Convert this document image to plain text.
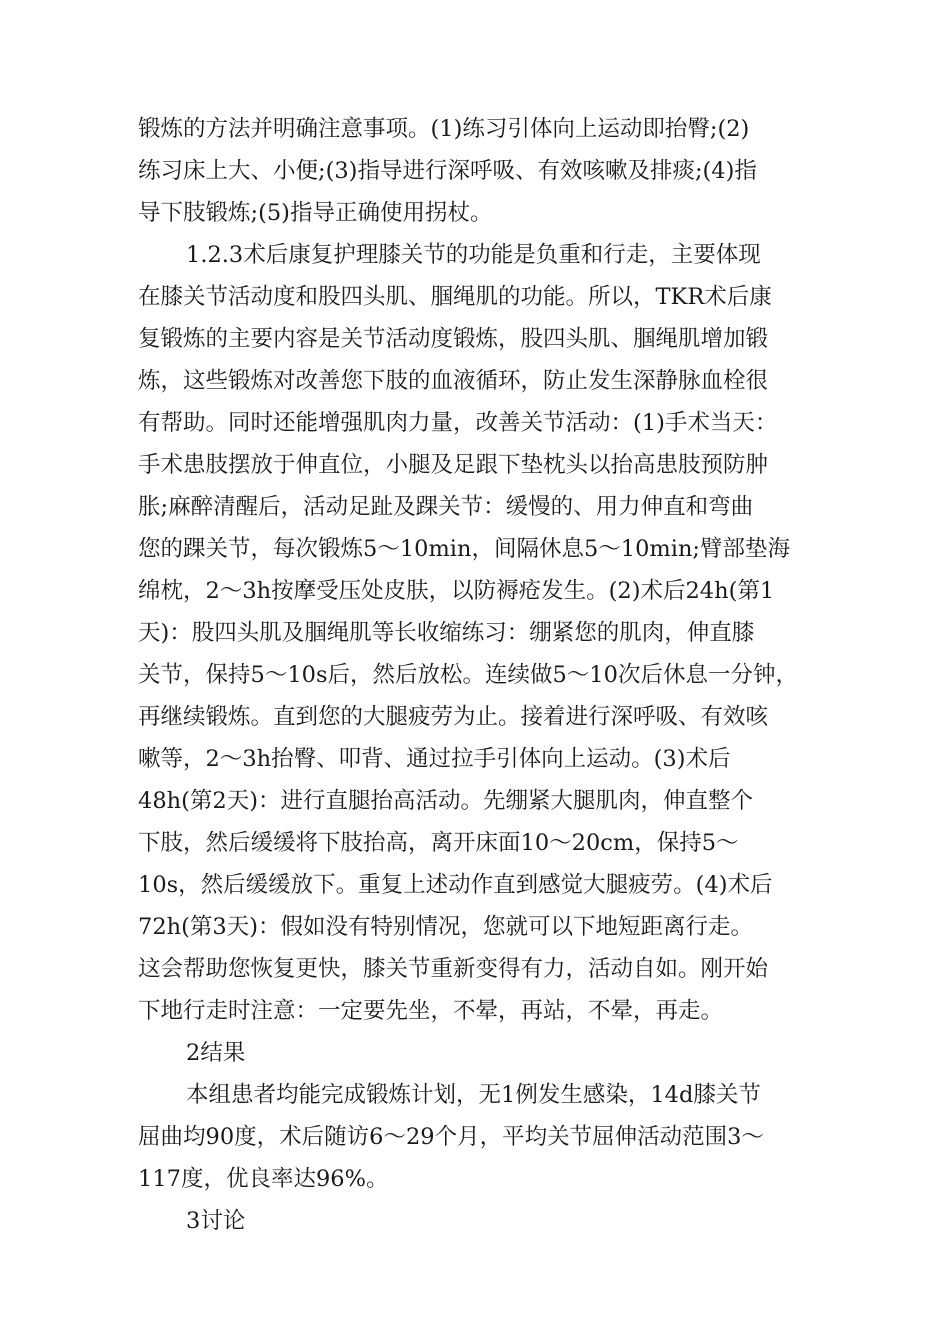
锻炼的方法并明确注意事项。(1)练习引体向上运动即抬臀;(2)
练习床上大、小便;(3)指导进行深呼吸、有效咳嗽及排痰;(4)指
导下肢锻炼;(5)指导正确使用拐杖。
1.2.3术后康复护理膝关节的功能是负重和行走，主要体现
在膝关节活动度和股四头肌、腘绳肌的功能。所以，TKR术后康
复锻炼的主要内容是关节活动度锻炼，股四头肌、腘绳肌增加锻
炼，这些锻炼对改善您下肢的血液循环，防止发生深静脉血栓很
有帮助。同时还能增强肌肉力量，改善关节活动：(1)手术当天：
手术患肢摆放于伸直位，小腿及足跟下垫枕头以抬高患肢预防肿
胀;麻醉清醒后，活动足趾及踝关节：缓慢的、用力伸直和弯曲
您的踝关节，每次锻炼5～10min，间隔休息5～10min;臂部垫海
绵枕，2～3h按摩受压处皮肤，以防褥疮发生。(2)术后24h(第1
天)：股四头肌及腘绳肌等长收缩练习：绷紧您的肌肉，伸直膝
关节，保持5～10s后，然后放松。连续做5～10次后休息一分钟，
再继续锻炼。直到您的大腿疲劳为止。接着进行深呼吸、有效咳
嗽等，2～3h抬臀、叩背、通过拉手引体向上运动。(3)术后
48h(第2天)：进行直腿抬高活动。先绷紧大腿肌肉，伸直整个
下肢，然后缓缓将下肢抬高，离开床面10～20cm，保持5～
10s，然后缓缓放下。重复上述动作直到感觉大腿疲劳。(4)术后
72h(第3天)：假如没有特别情况，您就可以下地短距离行走。
这会帮助您恢复更快，膝关节重新变得有力，活动自如。刚开始
下地行走时注意：一定要先坐，不晕，再站，不晕，再走。
2结果
本组患者均能完成锻炼计划，无1例发生感染，14d膝关节
屈曲均90度，术后随访6～29个月，平均关节屈伸活动范围3～
117度，优良率达96%。
3讨论
